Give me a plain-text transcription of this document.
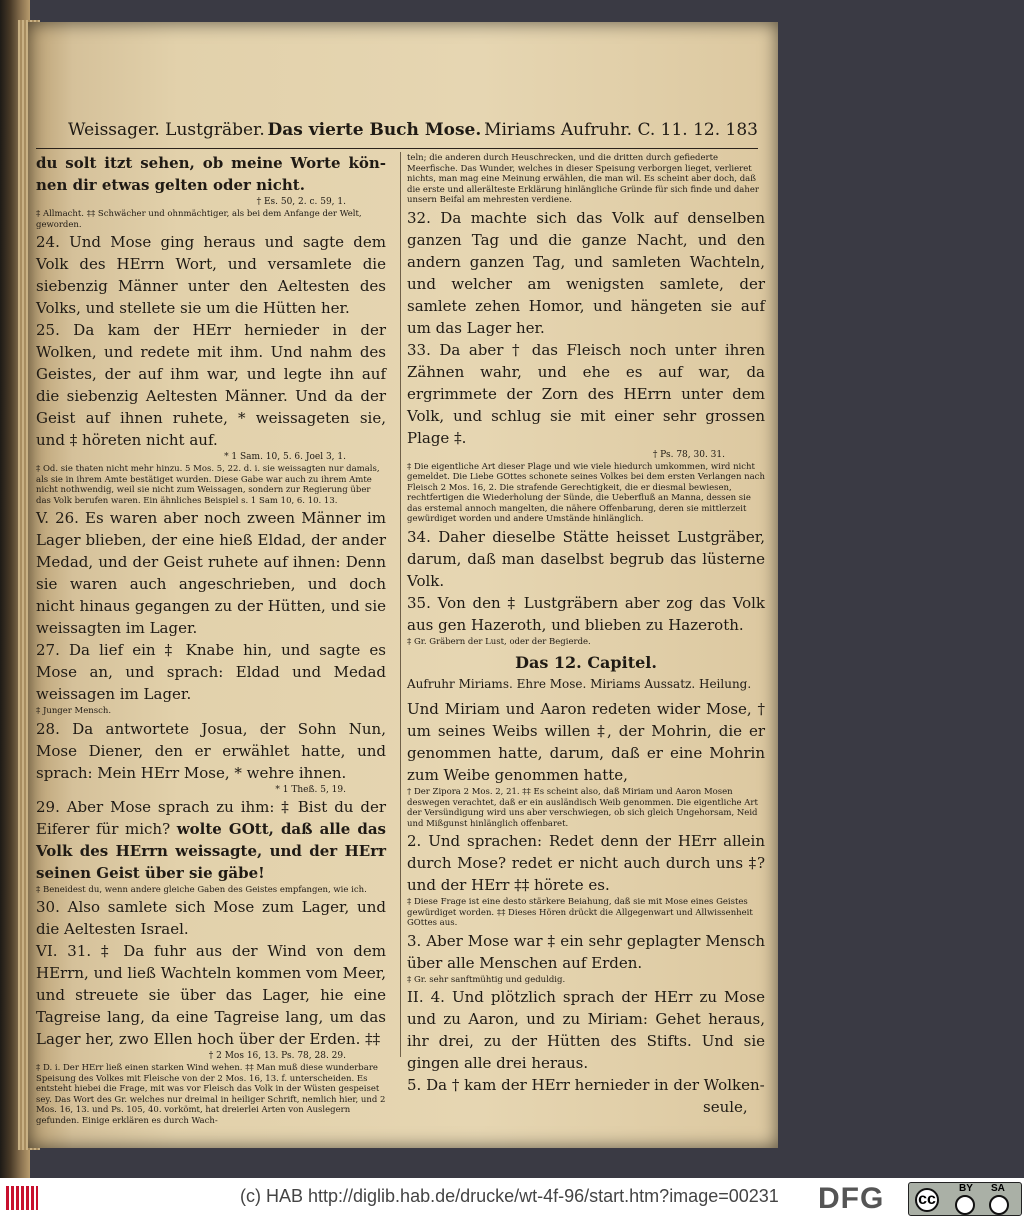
Weissager. Lustgräber. Das vierte Buch Mose. Miriams Aufruhr. C. 11. 12. 183

du solt itzt sehen, ob meine Worte kön-nen dir etwas gelten oder nicht.

† Es. 50, 2. c. 59, 1.

‡ Allmacht. ‡‡ Schwächer und ohnmächtiger, als bei dem Anfange der Welt, geworden.

24. Und Mose ging heraus und sagte dem Volk des HErrn Wort, und versamlete die siebenzig Männer unter den Aeltesten des Volks, und stellete sie um die Hütten her.

25. Da kam der HErr hernieder in der Wolken, und redete mit ihm. Und nahm des Geistes, der auf ihm war, und legte ihn auf die siebenzig Aeltesten Männer. Und da der Geist auf ihnen ruhete, * weissageten sie, und ‡ höreten nicht auf.

* 1 Sam. 10, 5. 6. Joel 3, 1.

‡ Od. sie thaten nicht mehr hinzu. 5 Mos. 5, 22. d. i. sie weissagten nur damals, als sie in ihrem Amte bestätiget wurden. Diese Gabe war auch zu ihrem Amte nicht nothwendig, weil sie nicht zum Weissagen, sondern zur Regierung über das Volk berufen waren. Ein ähnliches Beispiel s. 1 Sam 10, 6. 10. 13.

V. 26. Es waren aber noch zween Männer im Lager blieben, der eine hieß Eldad, der ander Medad, und der Geist ruhete auf ihnen: Denn sie waren auch angeschrieben, und doch nicht hinaus gegangen zu der Hütten, und sie weissagten im Lager.

27. Da lief ein ‡ Knabe hin, und sagte es Mose an, und sprach: Eldad und Medad weissagen im Lager.

‡ Junger Mensch.

28. Da antwortete Josua, der Sohn Nun, Mose Diener, den er erwählet hatte, und sprach: Mein HErr Mose, * wehre ihnen.

* 1 Theß. 5, 19.

29. Aber Mose sprach zu ihm: ‡ Bist du der Eiferer für mich? wolte GOtt, daß alle das Volk des HErrn weissagte, und der HErr seinen Geist über sie gäbe!

‡ Beneidest du, wenn andere gleiche Gaben des Geistes empfangen, wie ich.

30. Also samlete sich Mose zum Lager, und die Aeltesten Israel.

VI. 31. ‡ Da fuhr aus der Wind von dem HErrn, und ließ Wachteln kommen vom Meer, und streuete sie über das Lager, hie eine Tagreise lang, da eine Tagreise lang, um das Lager her, zwo Ellen hoch über der Erden. ‡‡

† 2 Mos 16, 13. Ps. 78, 28. 29.

‡ D. i. Der HErr ließ einen starken Wind wehen. ‡‡ Man muß diese wunderbare Speisung des Volkes mit Fleische von der 2 Mos. 16, 13. f. unterscheiden. Es entsteht hiebei die Frage, mit was vor Fleisch das Volk in der Wüsten gespeiset sey. Das Wort des Gr. welches nur dreimal in heiliger Schrift, nemlich hier, und 2 Mos. 16, 13. und Ps. 105, 40. vorkömt, hat dreierlei Arten von Auslegern gefunden. Einige erklären es durch Wach-

teln; die anderen durch Heuschrecken, und die dritten durch gefiederte Meerfische. Das Wunder, welches in dieser Speisung verborgen lieget, verlieret nichts, man mag eine Meinung erwählen, die man wil. Es scheint aber doch, daß die erste und allerälteste Erklärung hinlängliche Gründe für sich finde und daher unsern Beifal am mehresten verdiene.

32. Da machte sich das Volk auf denselben ganzen Tag und die ganze Nacht, und den andern ganzen Tag, und samleten Wachteln, und welcher am wenigsten samlete, der samlete zehen Homor, und hängeten sie auf um das Lager her.

33. Da aber † das Fleisch noch unter ihren Zähnen wahr, und ehe es auf war, da ergrimmete der Zorn des HErrn unter dem Volk, und schlug sie mit einer sehr grossen Plage ‡.

† Ps. 78, 30. 31.

‡ Die eigentliche Art dieser Plage und wie viele hiedurch umkommen, wird nicht gemeldet. Die Liebe GOttes schonete seines Volkes bei dem ersten Verlangen nach Fleisch 2 Mos. 16, 2. Die strafende Gerechtigkeit, die er diesmal bewiesen, rechtfertigen die Wiederholung der Sünde, die Ueberfluß an Manna, dessen sie das erstemal annoch mangelten, die nähere Offenbarung, deren sie mittlerzeit gewürdiget worden und andere Umstände hinlänglich.

34. Daher dieselbe Stätte heisset Lustgräber, darum, daß man daselbst begrub das lüsterne Volk.

35. Von den ‡ Lustgräbern aber zog das Volk aus gen Hazeroth, und blieben zu Hazeroth.

‡ Gr. Gräbern der Lust, oder der Begierde.

Das 12. Capitel.

Aufruhr Miriams. Ehre Mose. Miriams Aussatz. Heilung.

Und Miriam und Aaron redeten wider Mose, † um seines Weibs willen ‡, der Mohrin, die er genommen hatte, darum, daß er eine Mohrin zum Weibe genommen hatte,

† Der Zipora 2 Mos. 2, 21. ‡‡ Es scheint also, daß Miriam und Aaron Mosen deswegen verachtet, daß er ein ausländisch Weib genommen. Die eigentliche Art der Versündigung wird uns aber verschwiegen, ob sich gleich Ungehorsam, Neid und Mißgunst hinlänglich offenbaret.

2. Und sprachen: Redet denn der HErr allein durch Mose? redet er nicht auch durch uns ‡? und der HErr ‡‡ hörete es.

‡ Diese Frage ist eine desto stärkere Beiahung, daß sie mit Mose eines Geistes gewürdiget worden. ‡‡ Dieses Hören drückt die Allgegenwart und Allwissenheit GOttes aus.

3. Aber Mose war ‡ ein sehr geplagter Mensch über alle Menschen auf Erden.

‡ Gr. sehr sanftmühtig und geduldig.

II. 4. Und plötzlich sprach der HErr zu Mose und zu Aaron, und zu Miriam: Gehet heraus, ihr drei, zu der Hütten des Stifts. Und sie gingen alle drei heraus.

5. Da † kam der HErr hernieder in der Wolken-

seule,
(c) HAB http://diglib.hab.de/drucke/wt-4f-96/start.htm?image=00231 DFG cc
BY SA
